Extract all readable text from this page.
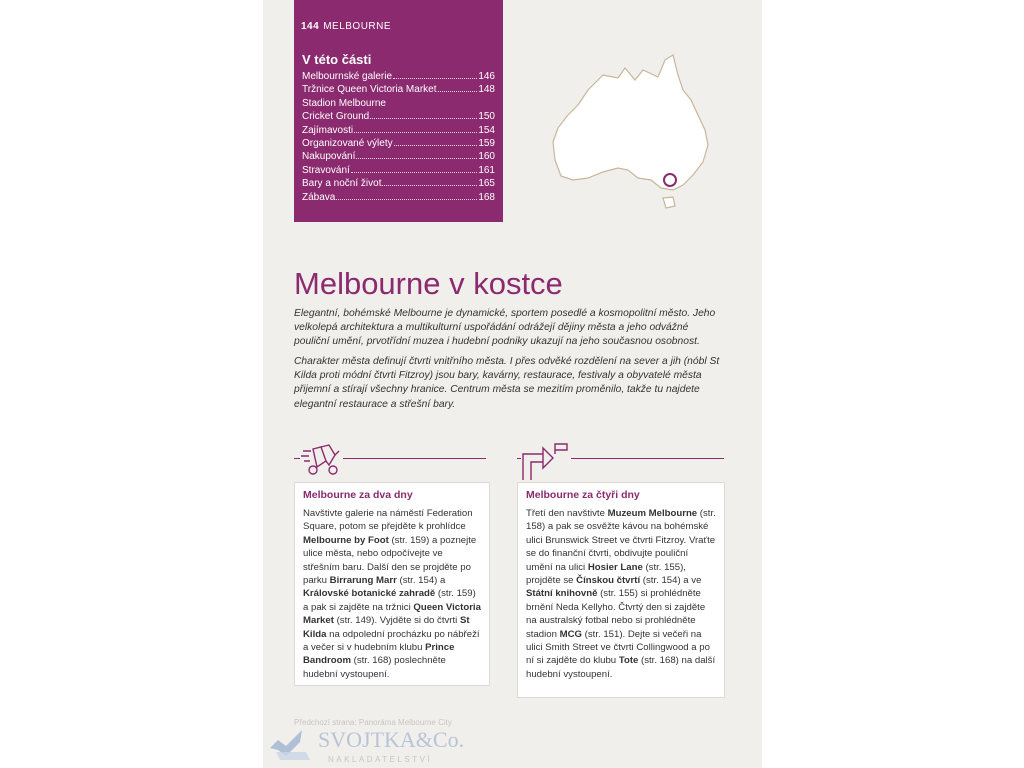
144 MELBOURNE
V této části
Melbournské galerie	146
Tržnice Queen Victoria Market	148
Stadion Melbourne
Cricket Ground	150
Zajímavosti	154
Organizované výlety	159
Nakupování	160
Stravování	161
Bary a noční život	165
Zábava	168
Melbourne v kostce

Elegantní, bohémské Melbourne je dynamické, sportem posedlé a kosmopolitní město. Jeho velkolepá architektura a multikulturní uspořádání odrážejí dějiny města a jeho odvážné pouliční umění, prvotřídní muzea i hudební podniky ukazují na jeho současnou osobnost.

Charakter města definují čtvrti vnitřního města. I přes odvěké rozdělení na sever a jih (nóbl St Kilda proti módní čtvrti Fitzroy) jsou bary, kavárny, restaurace, festivaly a obyvatelé města přijemní a stírají všechny hranice. Centrum města se mezitím proměnilo, takže tu najdete elegantní restaurace a střešní bary.

Melbourne za dva dny
Navštivte galerie na náměstí Federation Square, potom se přejděte k prohlídce Melbourne by Foot (str. 159) a poznejte ulice města, nebo odpočívejte ve střešním baru. Další den se projděte po parku Birrarung Marr (str. 154) a Královské botanické zahradě (str. 159) a pak si zajděte na tržnici Queen Victoria Market (str. 149). Vyjděte si do čtvrti St Kilda na odpolední procházku po nábřeží a večer si v hudebním klubu Prince Bandroom (str. 168) poslechněte hudební vystoupení.
Melbourne za čtyři dny
Třetí den navštivte Muzeum Melbourne (str. 158) a pak se osvěžte kávou na bohémské ulici Brunswick Street ve čtvrti Fitzroy. Vraťte se do finanční čtvrti, obdivujte pouliční umění na ulici Hosier Lane (str. 155), projděte se Čínskou čtvrtí (str. 154) a ve Státní knihovně (str. 155) si prohlédněte brnění Neda Kellyho. Čtvrtý den si zajděte na australský fotbal nebo si prohlédněte stadion MCG (str. 151). Dejte si večeři na ulici Smith Street ve čtvrti Collingwood a po ní si zajděte do klubu Tote (str. 168) na další hudební vystoupení.
Předchozí strana: Panoráma Melbourne City
SVOJTKA&Co.
NAKLADATELSTVÍ
